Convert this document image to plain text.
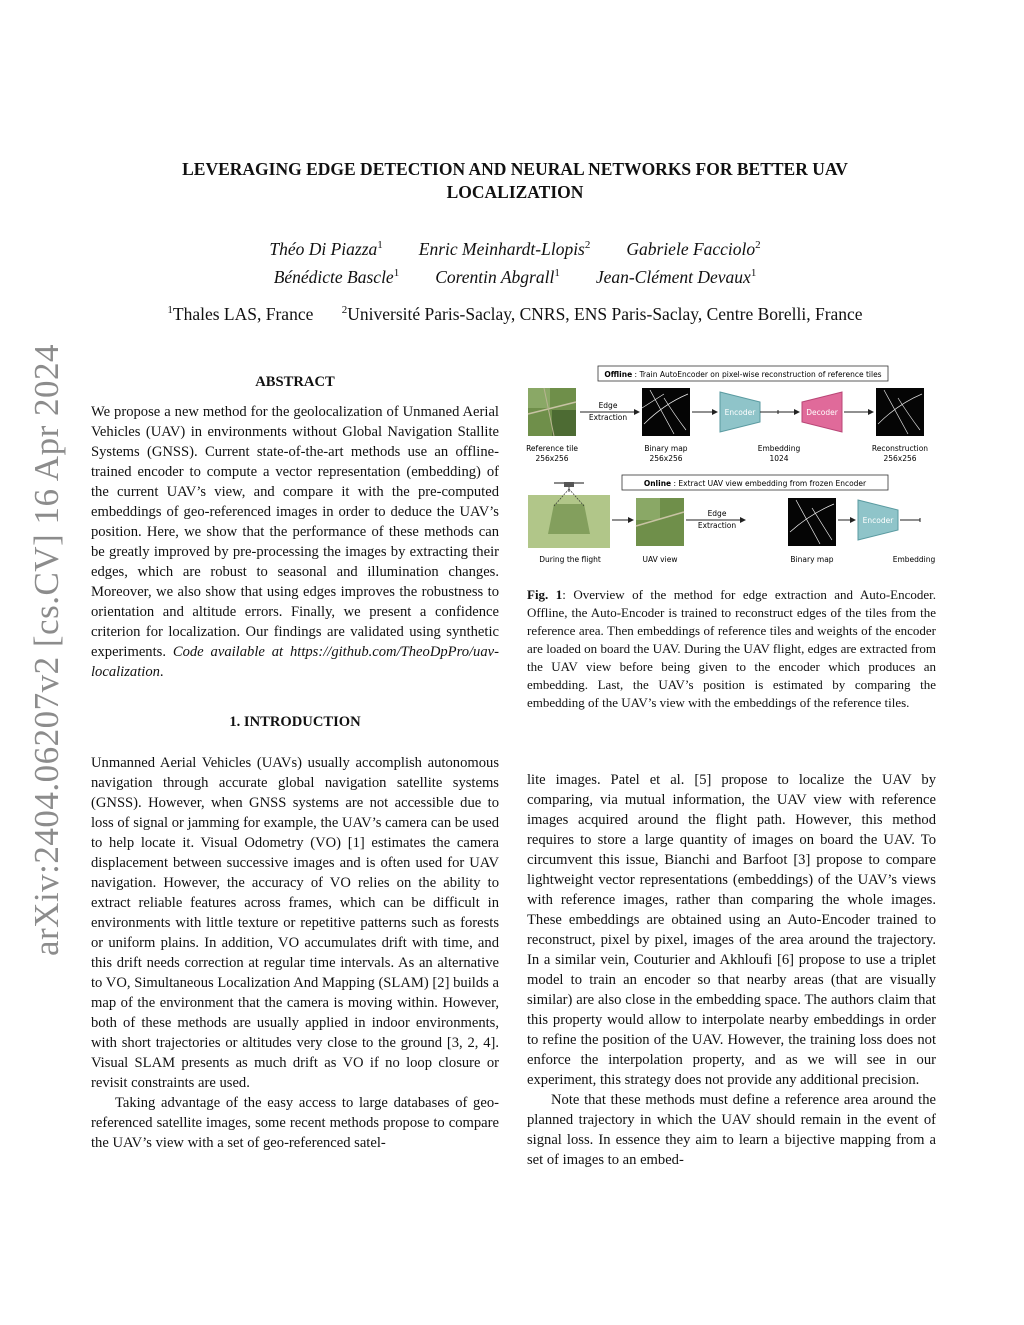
arXiv:2404.06207v2 [cs.CV] 16 Apr 2024
LEVERAGING EDGE DETECTION AND NEURAL NETWORKS FOR BETTER UAV
LOCALIZATION
Théo Di Piazza$^1$ Enric Meinhardt-Llopis$^2$ Gabriele Facciolo$^2$
Bénédicte Bascle$^1$ Corentin Abgrall$^1$ Jean-Clément Devaux$^1$
$^1$Thales LAS, France	$^2$Université Paris-Saclay, CNRS, ENS Paris-Saclay, Centre Borelli, France

ABSTRACT

We propose a new method for the geolocalization of Unmaned Aerial Vehicles (UAV) in environments without Global Navigation Stallite Systems (GNSS). Current state-of-the-art methods use an offline-trained encoder to compute a vector representation (embedding) of the current UAV’s view, and compare it with the pre-computed embeddings of geo-referenced images in order to deduce the UAV’s position. Here, we show that the performance of these methods can be greatly improved by pre-processing the images by extracting their edges, which are robust to seasonal and illumination changes. Moreover, we also show that using edges improves the robustness to orientation and altitude errors. Finally, we present a confidence criterion for localization. Our findings are validated using synthetic experiments. Code available at https://github.com/TheoDpPro/uav-localization.

1. INTRODUCTION

Unmanned Aerial Vehicles (UAVs) usually accomplish autonomous navigation through accurate global navigation satellite systems (GNSS). However, when GNSS systems are not accessible due to loss of signal or jamming for example, the UAV’s camera can be used to help locate it. Visual Odometry (VO) [1] estimates the camera displacement between successive images and is often used for UAV navigation. However, the accuracy of VO relies on the ability to extract reliable features across frames, which can be difficult in environments with little texture or repetitive patterns such as forests or uniform plains. In addition, VO accumulates drift with time, and this drift needs correction at regular time intervals. As an alternative to VO, Simultaneous Localization And Mapping (SLAM) [2] builds a map of the environment that the camera is moving within. However, both of these methods are usually applied in indoor environments, with short trajectories or altitudes very close to the ground [3, 2, 4]. Visual SLAM presents as much drift as VO if no loop closure or revisit constraints are used.

Taking advantage of the easy access to large databases of geo-referenced satellite images, some recent methods propose to compare the UAV’s view with a set of geo-referenced satel-

Offline : Train AutoEncoder on pixel-wise reconstruction of reference tiles
Edge
Extraction
Encoder	Decoder
Reference tile
256x256
Binary map
256x256
Embedding
1024
Reconstruction
256x256
Online : Extract UAV view embedding from frozen Encoder
Edge
Extraction
Encoder
During the flight	UAV view	Binary map	Embedding
Fig. 1: Overview of the method for edge extraction and Auto-Encoder. Offline, the Auto-Encoder is trained to reconstruct edges of the tiles from the reference area. Then embeddings of reference tiles and weights of the encoder are loaded on board the UAV. During the UAV flight, edges are extracted from the UAV view before being given to the encoder which produces an embedding. Last, the UAV’s position is estimated by comparing the embedding of the UAV’s view with the embeddings of the reference tiles.

lite images. Patel et al. [5] propose to localize the UAV by comparing, via mutual information, the UAV view with reference images acquired around the flight path. However, this method requires to store a large quantity of images on board the UAV. To circumvent this issue, Bianchi and Barfoot [3] propose to compare lightweight vector representations (embeddings) of the UAV’s views with reference images, rather than comparing the whole images. These embeddings are obtained using an Auto-Encoder trained to reconstruct, pixel by pixel, images of the area around the trajectory. In a similar vein, Couturier and Akhloufi [6] propose to use a triplet model to train an encoder so that nearby areas (that are visually similar) are also close in the embedding space. The authors claim that this property would allow to interpolate nearby embeddings in order to refine the position of the UAV. However, the training loss does not enforce the interpolation property, and as we will see in our experiment, this strategy does not provide any additional precision.

Note that these methods must define a reference area around the planned trajectory in which the UAV should remain in the event of signal loss. In essence they aim to learn a bijective mapping from a set of images to an embed-
